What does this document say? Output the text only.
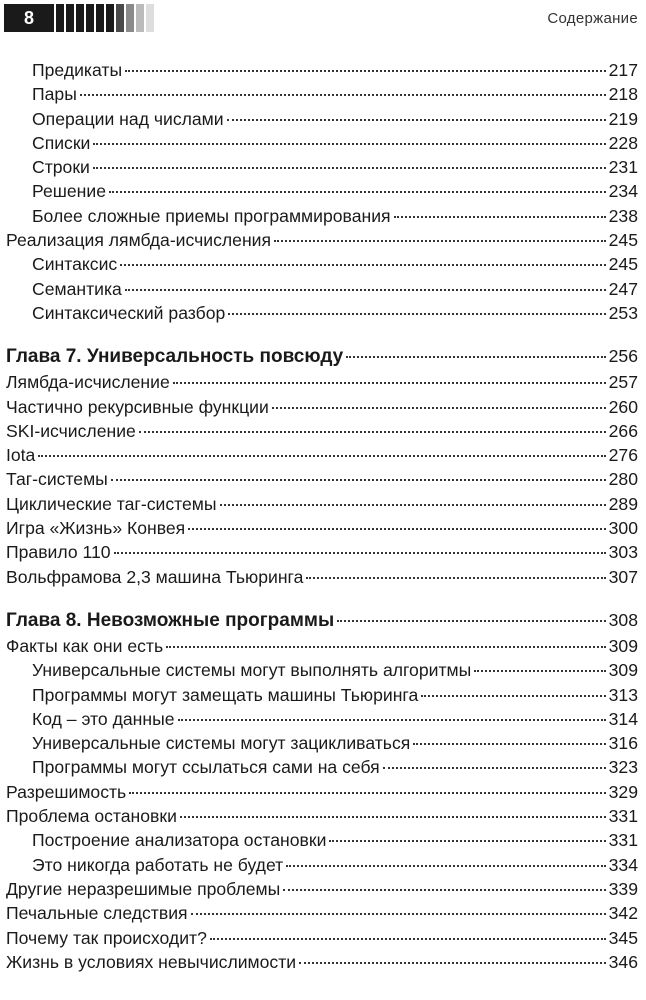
8	Содержание
Предикаты	217
Пары	218
Операции над числами	219
Списки	228
Строки	231
Решение	234
Более сложные приемы программирования	238
Реализация лямбда-исчисления	245
Синтаксис	245
Семантика	247
Синтаксический разбор	253
Глава 7. Универсальность повсюду	256
Лямбда-исчисление	257
Частично рекурсивные функции	260
SKI-исчисление	266
Iota	276
Таг-системы	280
Циклические таг-системы	289
Игра «Жизнь» Конвея	300
Правило 110	303
Вольфрамова 2,3 машина Тьюринга	307
Глава 8. Невозможные программы	308
Факты как они есть	309
Универсальные системы могут выполнять алгоритмы	309
Программы могут замещать машины Тьюринга	313
Код – это данные	314
Универсальные системы могут зацикливаться	316
Программы могут ссылаться сами на себя	323
Разрешимость	329
Проблема остановки	331
Построение анализатора остановки	331
Это никогда работать не будет	334
Другие неразрешимые проблемы	339
Печальные следствия	342
Почему так происходит?	345
Жизнь в условиях невычислимости	346
